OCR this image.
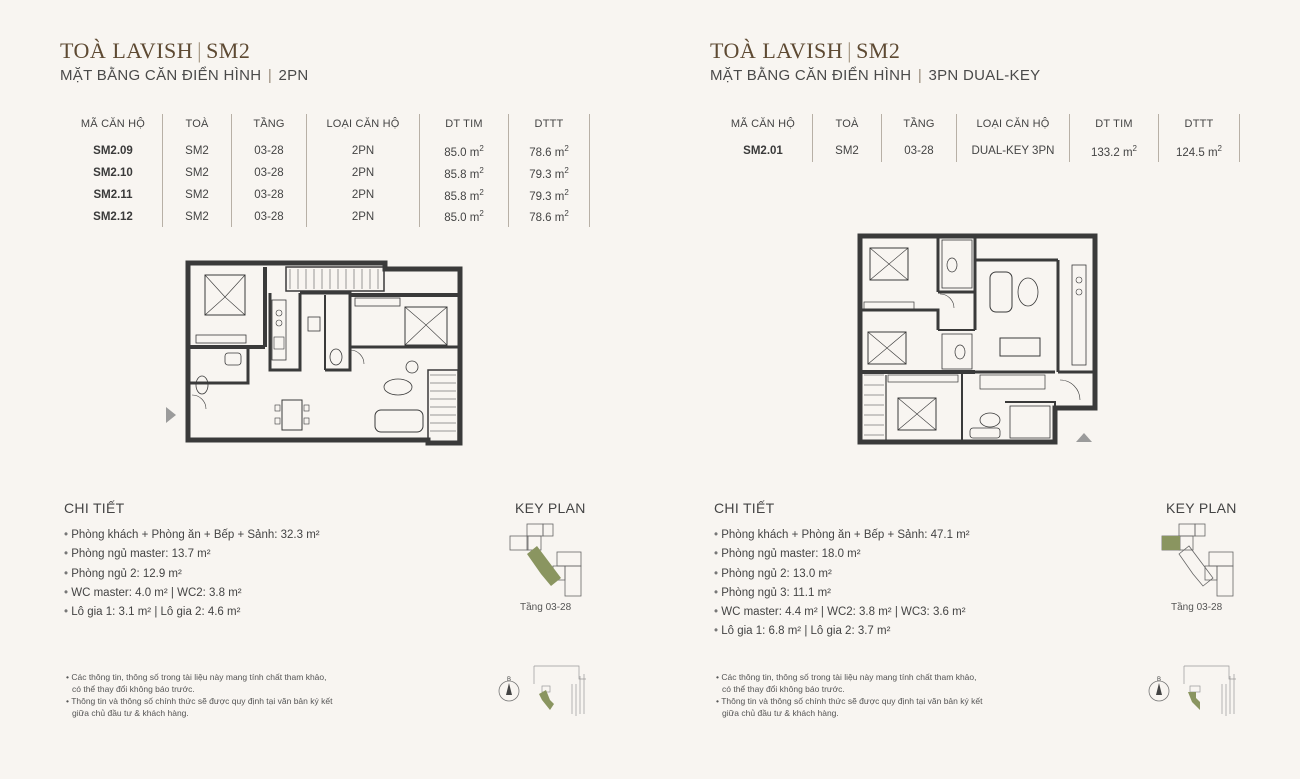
TOÀ LAVISH | SM2
MẶT BẰNG CĂN ĐIỂN HÌNH | 2PN
MÃ CĂN HỘ	TOÀ	TẦNG	LOẠI CĂN HỘ	DT TIM	DTTT
SM2.09	SM2	03-28	2PN	85.0 $m^2$	78.6 $m^2$
SM2.10	SM2	03-28	2PN	85.8 $m^2$	79.3 $m^2$
SM2.11	SM2	03-28	2PN	85.8 $m^2$	79.3 $m^2$
SM2.12	SM2	03-28	2PN	85.0 $m^2$	78.6 $m^2$
CHI TIẾT
• Phòng khách + Phòng ăn + Bếp + Sảnh: 32.3 m²
• Phòng ngủ master: 13.7 m²
• Phòng ngủ 2: 12.9 m²
• WC master: 4.0 m² | WC2: 3.8 m²
• Lô gia 1: 3.1 m² | Lô gia 2: 4.6 m²
KEY PLAN
Tầng 03-28

• Các thông tin, thông số trong tài liệu này mang tính chất tham khảo,

có thể thay đổi không báo trước.

• Thông tin và thông số chính thức sẽ được quy định tại văn bản ký kết

giữa chủ đầu tư & khách hàng.

B
TOÀ LAVISH | SM2
MẶT BẰNG CĂN ĐIỂN HÌNH | 3PN DUAL-KEY
MÃ CĂN HỘ	TOÀ	TẦNG	LOẠI CĂN HỘ	DT TIM	DTTT
SM2.01	SM2	03-28	DUAL-KEY 3PN	133.2 $m^2$	124.5 $m^2$
CHI TIẾT
• Phòng khách + Phòng ăn + Bếp + Sảnh: 47.1 m²
• Phòng ngủ master: 18.0 m²
• Phòng ngủ 2: 13.0 m²
• Phòng ngủ 3: 11.1 m²
• WC master: 4.4 m² | WC2: 3.8 m² | WC3: 3.6 m²
• Lô gia 1: 6.8 m² | Lô gia 2: 3.7 m²
KEY PLAN
Tầng 03-28

• Các thông tin, thông số trong tài liệu này mang tính chất tham khảo,

có thể thay đổi không báo trước.

• Thông tin và thông số chính thức sẽ được quy định tại văn bản ký kết

giữa chủ đầu tư & khách hàng.

B
